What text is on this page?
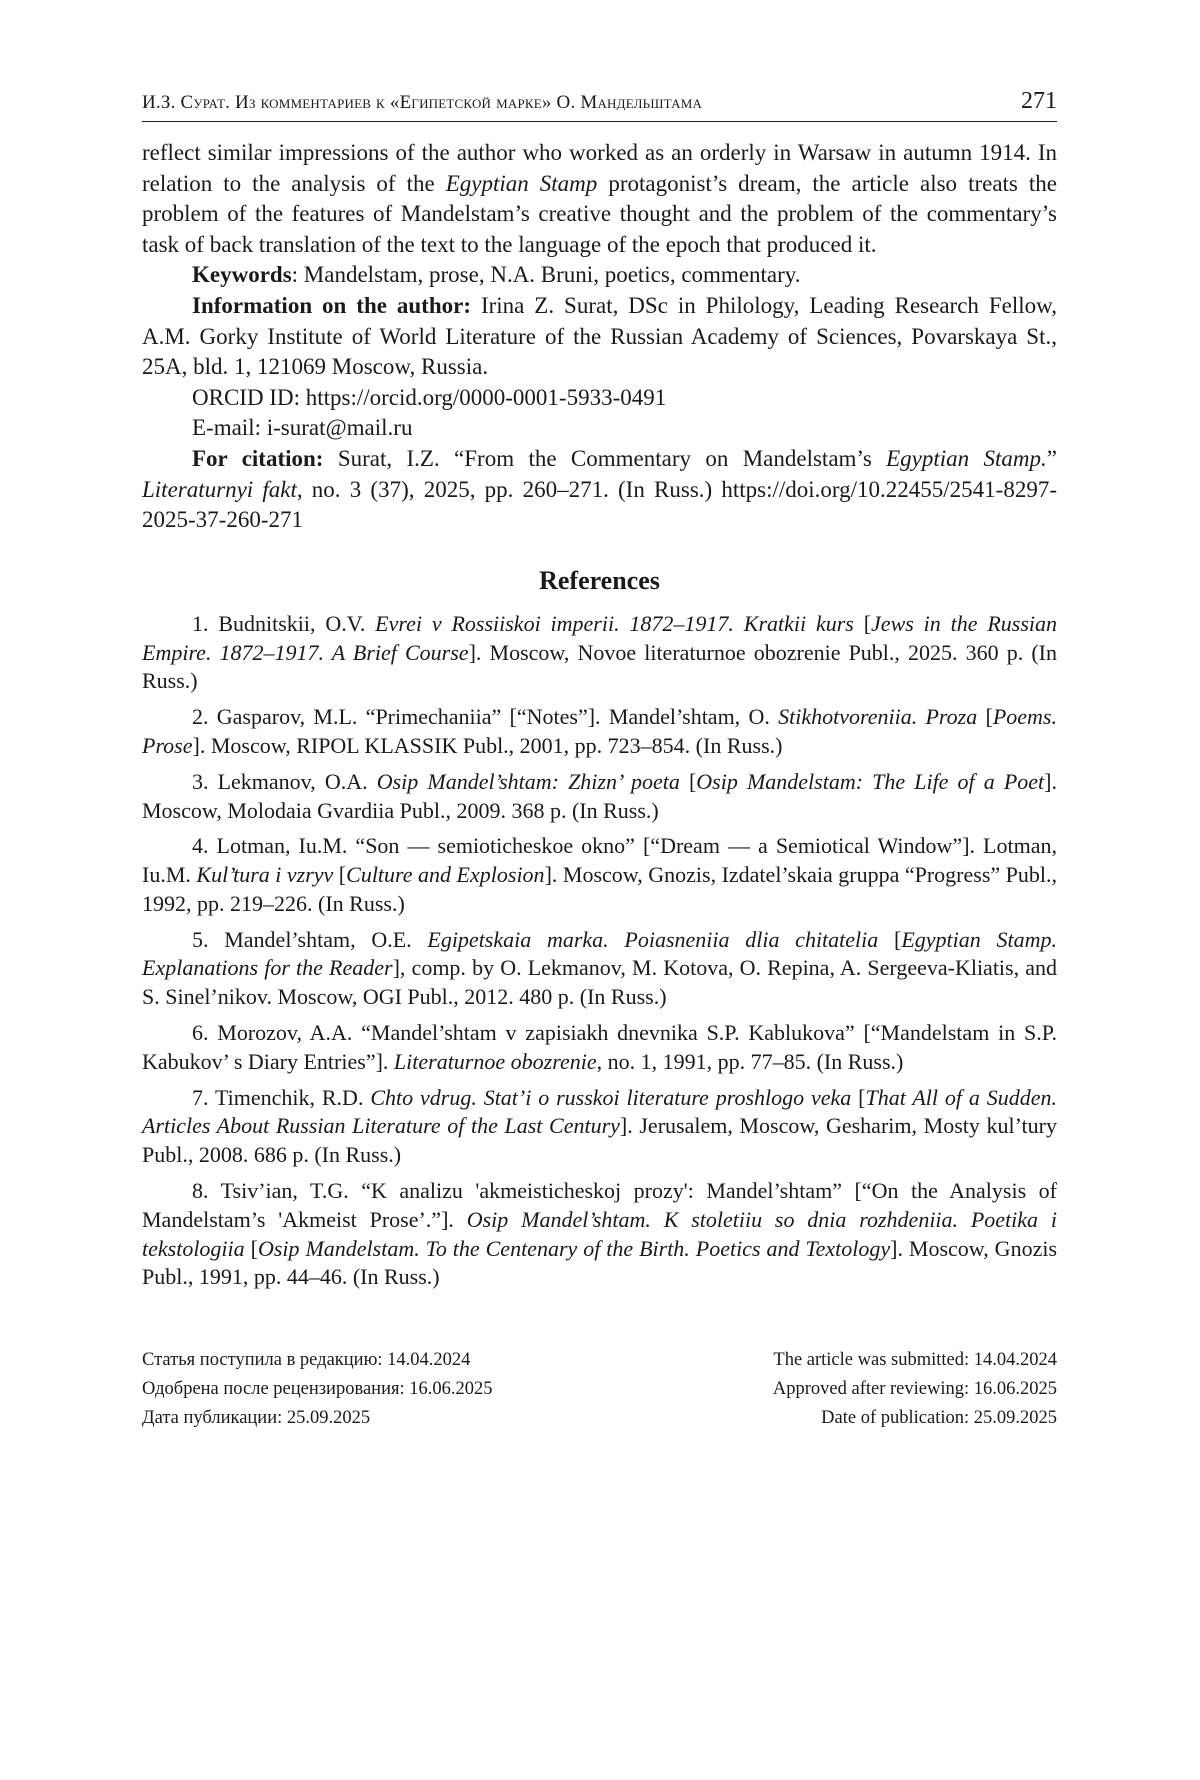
И.З. Сурат. Из комментариев к «Египетской марке» О. Мандельштама	271

reflect similar impressions of the author who worked as an orderly in Warsaw in autumn 1914. In relation to the analysis of the Egyptian Stamp protagonist’s dream, the article also treats the problem of the features of Mandelstam’s creative thought and the problem of the commentary’s task of back translation of the text to the language of the epoch that produced it.

Keywords: Mandelstam, prose, N.A. Bruni, poetics, commentary.

Information on the author: Irina Z. Surat, DSc in Philology, Leading Research Fellow, A.M. Gorky Institute of World Literature of the Russian Academy of Sciences, Povarskaya St., 25A, bld. 1, 121069 Moscow, Russia.

ORCID ID: https://orcid.org/0000-0001-5933-0491

E-mail: i-surat@mail.ru

For citation: Surat, I.Z. “From the Commentary on Mandelstam’s Egyptian Stamp.” Literaturnyi fakt, no. 3 (37), 2025, pp. 260–271. (In Russ.) https://doi.org/10.22455/2541-8297-2025-37-260-271

References

1. Budnitskii, O.V. Evrei v Rossiiskoi imperii. 1872–1917. Kratkii kurs [Jews in the Russian Empire. 1872–1917. A Brief Course]. Moscow, Novoe literaturnoe obozrenie Publ., 2025. 360 p. (In Russ.)

2. Gasparov, M.L. “Primechaniia” [“Notes”]. Mandel’shtam, O. Stikhotvoreniia. Proza [Poems. Prose]. Moscow, RIPOL KLASSIK Publ., 2001, pp. 723–854. (In Russ.)

3. Lekmanov, O.A. Osip Mandel’shtam: Zhizn’ poeta [Osip Mandelstam: The Life of a Poet]. Moscow, Molodaia Gvardiia Publ., 2009. 368 p. (In Russ.)

4. Lotman, Iu.M. “Son — semioticheskoe okno” [“Dream — a Semiotical Window”]. Lotman, Iu.M. Kul’tura i vzryv [Culture and Explosion]. Moscow, Gnozis, Izdatel’skaia gruppa “Progress” Publ., 1992, pp. 219–226. (In Russ.)

5. Mandel’shtam, O.E. Egipetskaia marka. Poiasneniia dlia chitatelia [Egyptian Stamp. Explanations for the Reader], comp. by O. Lekmanov, M. Kotova, O. Repina, A. Sergeeva-Kliatis, and S. Sinel’nikov. Moscow, OGI Publ., 2012. 480 p. (In Russ.)

6. Morozov, A.A. “Mandel’shtam v zapisiakh dnevnika S.P. Kablukova” [“Mandelstam in S.P. Kabukov’ s Diary Entries”]. Literaturnoe obozrenie, no. 1, 1991, pp. 77–85. (In Russ.)

7. Timenchik, R.D. Chto vdrug. Stat’i o russkoi literature proshlogo veka [That All of a Sudden. Articles About Russian Literature of the Last Century]. Jerusalem, Moscow, Gesharim, Mosty kul’tury Publ., 2008. 686 p. (In Russ.)

8. Tsiv’ian, T.G. “K analizu 'akmeisticheskoj prozy': Mandel’shtam” [“On the Analysis of Mandelstam’s 'Akmeist Prose’.”]. Osip Mandel’shtam. K stoletiiu so dnia rozhdeniia. Poetika i tekstologiia [Osip Mandelstam. To the Centenary of the Birth. Poetics and Textology]. Moscow, Gnozis Publ., 1991, pp. 44–46. (In Russ.)

Статья поступила в редакцию: 14.04.2024
Одобрена после рецензирования: 16.06.2025
Дата публикации: 25.09.2025
The article was submitted: 14.04.2024
Approved after reviewing: 16.06.2025
Date of publication: 25.09.2025
